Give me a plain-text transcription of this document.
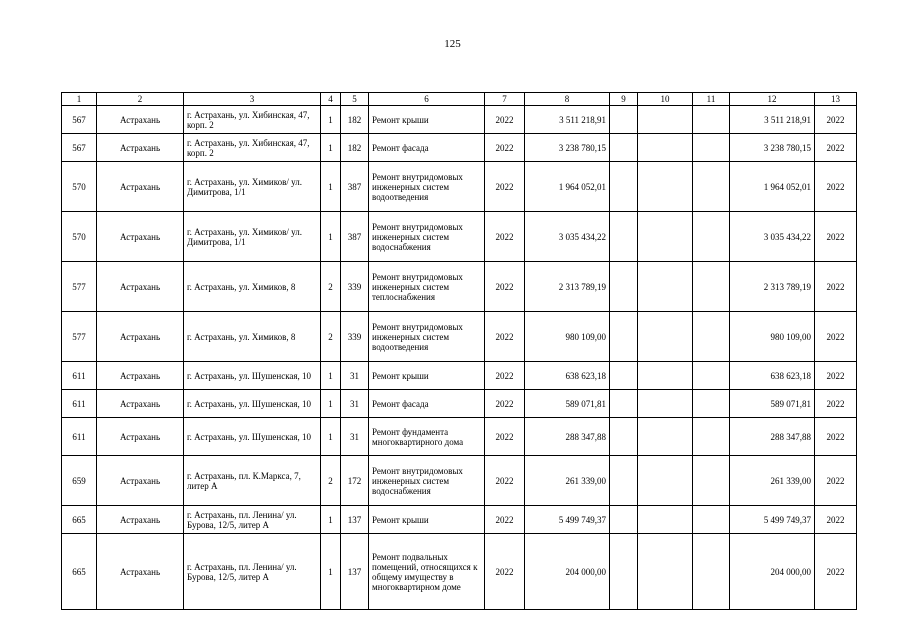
125
1	2	3	4	5	6	7	8	9	10	11	12	13
567	Астрахань	г. Астрахань, ул. Хибинская, 47, корп. 2	1	182	Ремонт крыши	2022	3 511 218,91				3 511 218,91	2022
567	Астрахань	г. Астрахань, ул. Хибинская, 47, корп. 2	1	182	Ремонт фасада	2022	3 238 780,15				3 238 780,15	2022
570	Астрахань	г. Астрахань, ул. Химиков/ ул. Димитрова, 1/1	1	387	Ремонт внутридомовых инженерных систем водоотведения	2022	1 964 052,01				1 964 052,01	2022
570	Астрахань	г. Астрахань, ул. Химиков/ ул. Димитрова, 1/1	1	387	Ремонт внутридомовых инженерных систем водоснабжения	2022	3 035 434,22				3 035 434,22	2022
577	Астрахань	г. Астрахань, ул. Химиков, 8	2	339	Ремонт внутридомовых инженерных систем теплоснабжения	2022	2 313 789,19				2 313 789,19	2022
577	Астрахань	г. Астрахань, ул. Химиков, 8	2	339	Ремонт внутридомовых инженерных систем водоотведения	2022	980 109,00				980 109,00	2022
611	Астрахань	г. Астрахань, ул. Шушенская, 10	1	31	Ремонт крыши	2022	638 623,18				638 623,18	2022
611	Астрахань	г. Астрахань, ул. Шушенская, 10	1	31	Ремонт фасада	2022	589 071,81				589 071,81	2022
611	Астрахань	г. Астрахань, ул. Шушенская, 10	1	31	Ремонт фундамента многоквартирного дома	2022	288 347,88				288 347,88	2022
659	Астрахань	г. Астрахань, пл. К.Маркса, 7, литер А	2	172	Ремонт внутридомовых инженерных систем водоснабжения	2022	261 339,00				261 339,00	2022
665	Астрахань	г. Астрахань, пл. Ленина/ ул. Бурова, 12/5, литер А	1	137	Ремонт крыши	2022	5 499 749,37				5 499 749,37	2022
665	Астрахань	г. Астрахань, пл. Ленина/ ул. Бурова, 12/5, литер А	1	137	Ремонт подвальных помещений, относящихся к общему имуществу в многоквартирном доме	2022	204 000,00				204 000,00	2022
